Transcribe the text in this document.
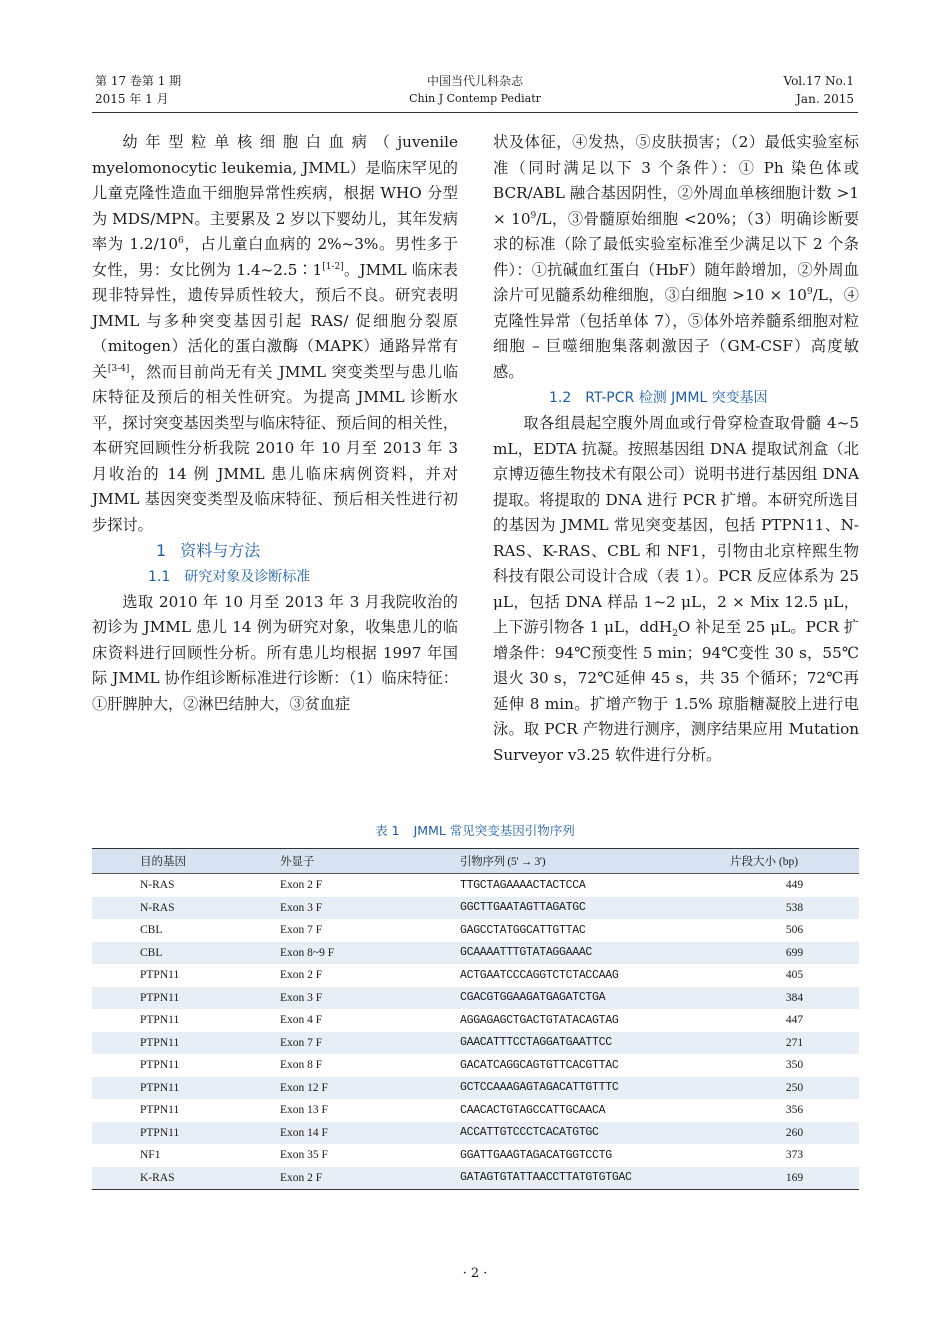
第 17 卷第 1 期
2015 年 1 月
中国当代儿科杂志
Chin J Contemp Pediatr
Vol.17 No.1
Jan. 2015

幼年型粒单核细胞白血病（juvenile myelomonocytic leukemia, JMML）是临床罕见的儿童克隆性造血干细胞异常性疾病，根据 WHO 分型为 MDS/MPN。主要累及 2 岁以下婴幼儿，其年发病率为 $1.2/10^6$，占儿童白血病的 2%~3%。男性多于女性，男：女比例为 1.4~2.5∶1[1-2]。JMML 临床表现非特异性，遗传异质性较大，预后不良。研究表明 JMML 与多种突变基因引起 RAS/ 促细胞分裂原（mitogen）活化的蛋白激酶（MAPK）通路异常有关[3-4]，然而目前尚无有关 JMML 突变类型与患儿临床特征及预后的相关性研究。为提高 JMML 诊断水平，探讨突变基因类型与临床特征、预后间的相关性，本研究回顾性分析我院 2010 年 10 月至 2013 年 3 月收治的 14 例 JMML 患儿临床病例资料，并对 JMML 基因突变类型及临床特征、预后相关性进行初步探讨。

1 资料与方法

1.1 研究对象及诊断标准

选取 2010 年 10 月至 2013 年 3 月我院收治的初诊为 JMML 患儿 14 例为研究对象，收集患儿的临床资料进行回顾性分析。所有患儿均根据 1997 年国际 JMML 协作组诊断标准进行诊断：（1）临床特征：①肝脾肿大，②淋巴结肿大，③贫血症

状及体征，④发热，⑤皮肤损害；（2）最低实验室标准（同时满足以下 3 个条件）：① Ph 染色体或 BCR/ABL 融合基因阴性，②外周血单核细胞计数 $>1 \times 10^9/L$，③骨髓原始细胞 <20%；（3）明确诊断要求的标准（除了最低实验室标准至少满足以下 2 个条件）：①抗碱血红蛋白（HbF）随年龄增加，②外周血涂片可见髓系幼稚细胞，③白细胞 $>10 \times 10^9/L$，④克隆性异常（包括单体 7），⑤体外培养髓系细胞对粒细胞 – 巨噬细胞集落刺激因子（GM-CSF）高度敏感。

1.2 RT-PCR 检测 JMML 突变基因

取各组晨起空腹外周血或行骨穿检查取骨髓 4~5 mL，EDTA 抗凝。按照基因组 DNA 提取试剂盒（北京博迈德生物技术有限公司）说明书进行基因组 DNA 提取。将提取的 DNA 进行 PCR 扩增。本研究所选目的基因为 JMML 常见突变基因，包括 PTPN11、N-RAS、K-RAS、CBL 和 NF1，引物由北京梓熙生物科技有限公司设计合成（表 1）。PCR 反应体系为 25 μL，包括 DNA 样品 1~2 μL，2 × Mix 12.5 μL，上下游引物各 1 μL，ddH$_2$O 补足至 25 μL。PCR 扩增条件：94℃预变性 5 min；94℃变性 30 s，55℃退火 30 s，72℃延伸 45 s，共 35 个循环；72℃再延伸 8 min。扩增产物于 1.5% 琼脂糖凝胶上进行电泳。取 PCR 产物进行测序，测序结果应用 Mutation Surveyor v3.25 软件进行分析。

表 1 JMML 常见突变基因引物序列
目的基因	外显子	引物序列 (5' → 3')	片段大小 (bp)
N-RAS	Exon 2 F	TTGCTAGAAAACTACTCCA	449
N-RAS	Exon 3 F	GGCTTGAATAGTTAGATGC	538
CBL	Exon 7 F	GAGCCTATGGCATTGTTAC	506
CBL	Exon 8~9 F	GCAAAATTTGTATAGGAAAC	699
PTPN11	Exon 2 F	ACTGAATCCCAGGTCTCTACCAAG	405
PTPN11	Exon 3 F	CGACGTGGAAGATGAGATCTGA	384
PTPN11	Exon 4 F	AGGAGAGCTGACTGTATACAGTAG	447
PTPN11	Exon 7 F	GAACATTTCCTAGGATGAATTCC	271
PTPN11	Exon 8 F	GACATCAGGCAGTGTTCACGTTAC	350
PTPN11	Exon 12 F	GCTCCAAAGAGTAGACATTGTTTC	250
PTPN11	Exon 13 F	CAACACTGTAGCCATTGCAACA	356
PTPN11	Exon 14 F	ACCATTGTCCCTCACATGTGC	260
NF1	Exon 35 F	GGATTGAAGTAGACATGGTCCTG	373
K-RAS	Exon 2 F	GATAGTGTATTAACCTTATGTGTGAC	169
· 2 ·
